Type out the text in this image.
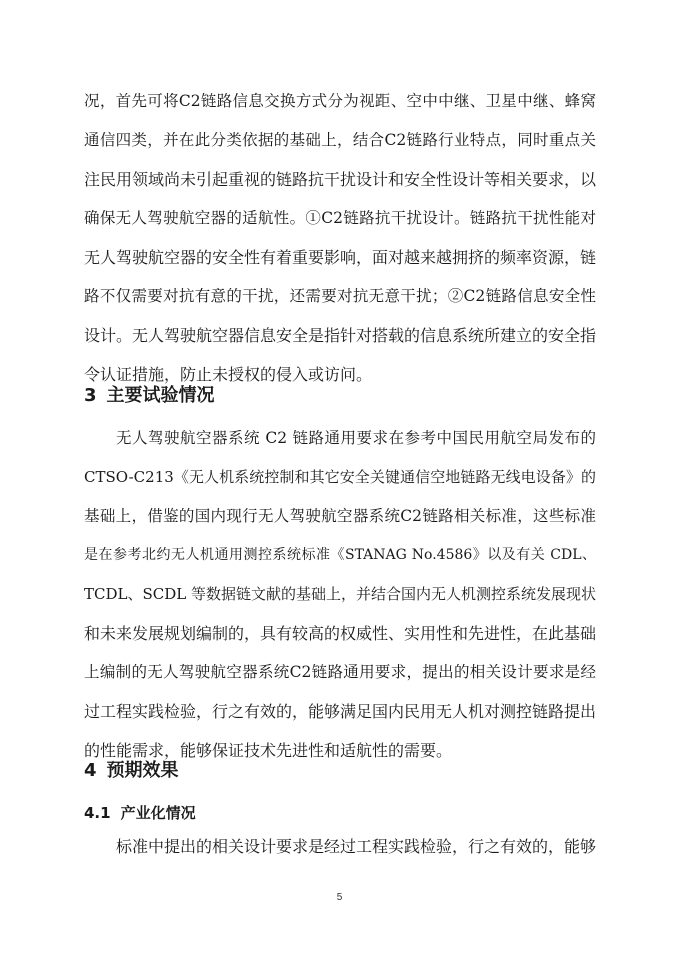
况，首先可将C2链路信息交换方式分为视距、空中中继、卫星中继、蜂窝
通信四类，并在此分类依据的基础上，结合C2链路行业特点，同时重点关
注民用领域尚未引起重视的链路抗干扰设计和安全性设计等相关要求，以
确保无人驾驶航空器的适航性。①C2链路抗干扰设计。链路抗干扰性能对
无人驾驶航空器的安全性有着重要影响，面对越来越拥挤的频率资源，链
路不仅需要对抗有意的干扰，还需要对抗无意干扰；②C2链路信息安全性
设计。无人驾驶航空器信息安全是指针对搭载的信息系统所建立的安全指
令认证措施，防止未授权的侵入或访问。
3 主要试验情况
无人驾驶航空器系统 C2 链路通用要求在参考中国民用航空局发布的
CTSO-C213《无人机系统控制和其它安全关键通信空地链路无线电设备》的
基础上，借鉴的国内现行无人驾驶航空器系统C2链路相关标准，这些标准
是在参考北约无人机通用测控系统标准《STANAG No.4586》以及有关 CDL、
TCDL、SCDL 等数据链文献的基础上，并结合国内无人机测控系统发展现状
和未来发展规划编制的，具有较高的权威性、实用性和先进性，在此基础
上编制的无人驾驶航空器系统C2链路通用要求，提出的相关设计要求是经
过工程实践检验，行之有效的，能够满足国内民用无人机对测控链路提出
的性能需求，能够保证技术先进性和适航性的需要。
4 预期效果
4.1 产业化情况
标准中提出的相关设计要求是经过工程实践检验，行之有效的，能够
5
